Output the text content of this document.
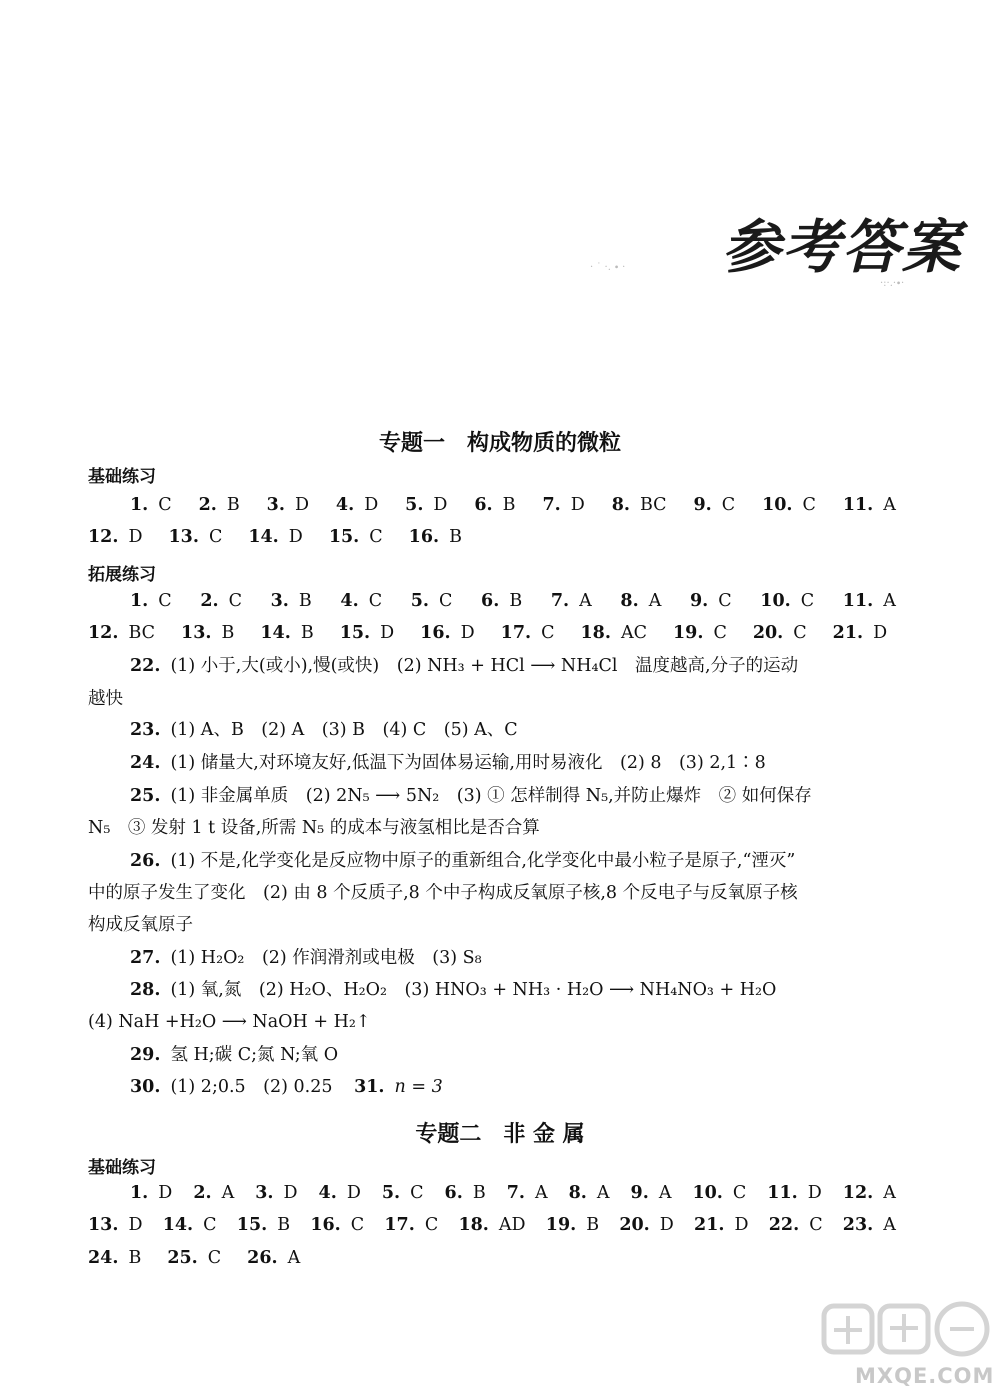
参考答案
· ˙ ·. ∙ ·
·:·.·∙·
专题一　构成物质的微粒
基础练习
1. C 2. B 3. D 4. D 5. D 6. B 7. D 8. BC 9. C 10. C 11. A
12. D 13. C 14. D 15. C 16. B
拓展练习
1. C 2. C 3. B 4. C 5. C 6. B 7. A 8. A 9. C 10. C 11. A
12. BC 13. B 14. B 15. D 16. D 17. C 18. AC 19. C 20. C 21. D
22. (1) 小于,大(或小),慢(或快)　(2) NH₃ + HCl ⟶ NH₄Cl　温度越高,分子的运动
越快
23. (1) A、B　(2) A　(3) B　(4) C　(5) A、C
24. (1) 储量大,对环境友好,低温下为固体易运输,用时易液化　(2) 8　(3) 2,1∶8
25. (1) 非金属单质　(2) 2N₅ ⟶ 5N₂　(3) ① 怎样制得 N₅,并防止爆炸　② 如何保存
N₅　③ 发射 1 t 设备,所需 N₅ 的成本与液氢相比是否合算
26. (1) 不是,化学变化是反应物中原子的重新组合,化学变化中最小粒子是原子,“湮灭”
中的原子发生了变化　(2) 由 8 个反质子,8 个中子构成反氧原子核,8 个反电子与反氧原子核
构成反氧原子
27. (1) H₂O₂　(2) 作润滑剂或电极　(3) S₈
28. (1) 氧,氮　(2) H₂O、H₂O₂　(3) HNO₃ + NH₃ · H₂O ⟶ NH₄NO₃ + H₂O
(4) NaH +H₂O ⟶ NaOH + H₂↑
29. 氢 H;碳 C;氮 N;氧 O
30. (1) 2;0.5　(2) 0.25 31. n = 3
专题二　非 金 属
基础练习
1. D 2. A 3. D 4. D 5. C 6. B 7. A 8. A 9. A 10. C 11. D 12. A
13. D 14. C 15. B 16. C 17. C 18. AD 19. B 20. D 21. D 22. C 23. A
24. B 25. C 26. A
MXQE.COM
